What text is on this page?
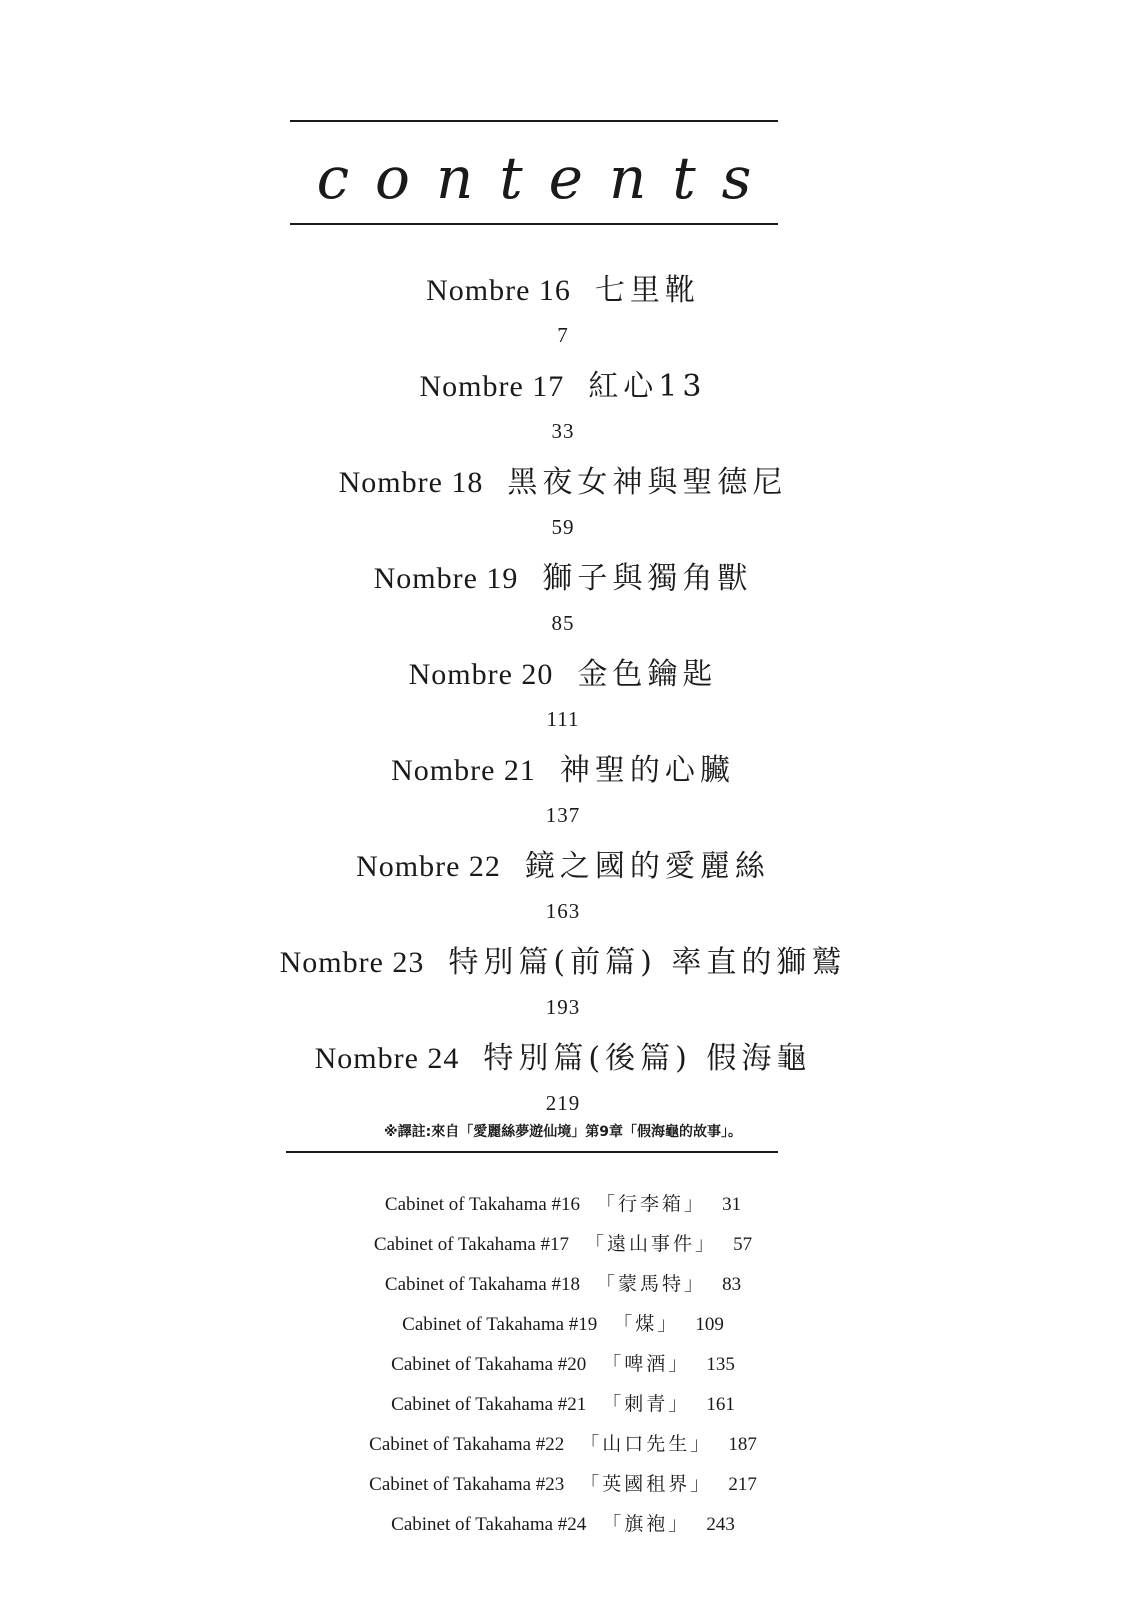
contents
Nombre 16 七里靴
7
Nombre 17 紅心13
33
Nombre 18 黑夜女神與聖德尼
59
Nombre 19 獅子與獨角獸
85
Nombre 20 金色鑰匙
111
Nombre 21 神聖的心臟
137
Nombre 22 鏡之國的愛麗絲
163
Nombre 23 特別篇(前篇) 率直的獅鷲
193
Nombre 24 特別篇(後篇) 假海龜
219
※譯註:來自「愛麗絲夢遊仙境」第9章「假海龜的故事」。
Cabinet of Takahama #16 「行李箱」 31
Cabinet of Takahama #17 「遠山事件」 57
Cabinet of Takahama #18 「蒙馬特」 83
Cabinet of Takahama #19 「煤」 109
Cabinet of Takahama #20 「啤酒」 135
Cabinet of Takahama #21 「刺青」 161
Cabinet of Takahama #22 「山口先生」 187
Cabinet of Takahama #23 「英國租界」 217
Cabinet of Takahama #24 「旗袍」 243
